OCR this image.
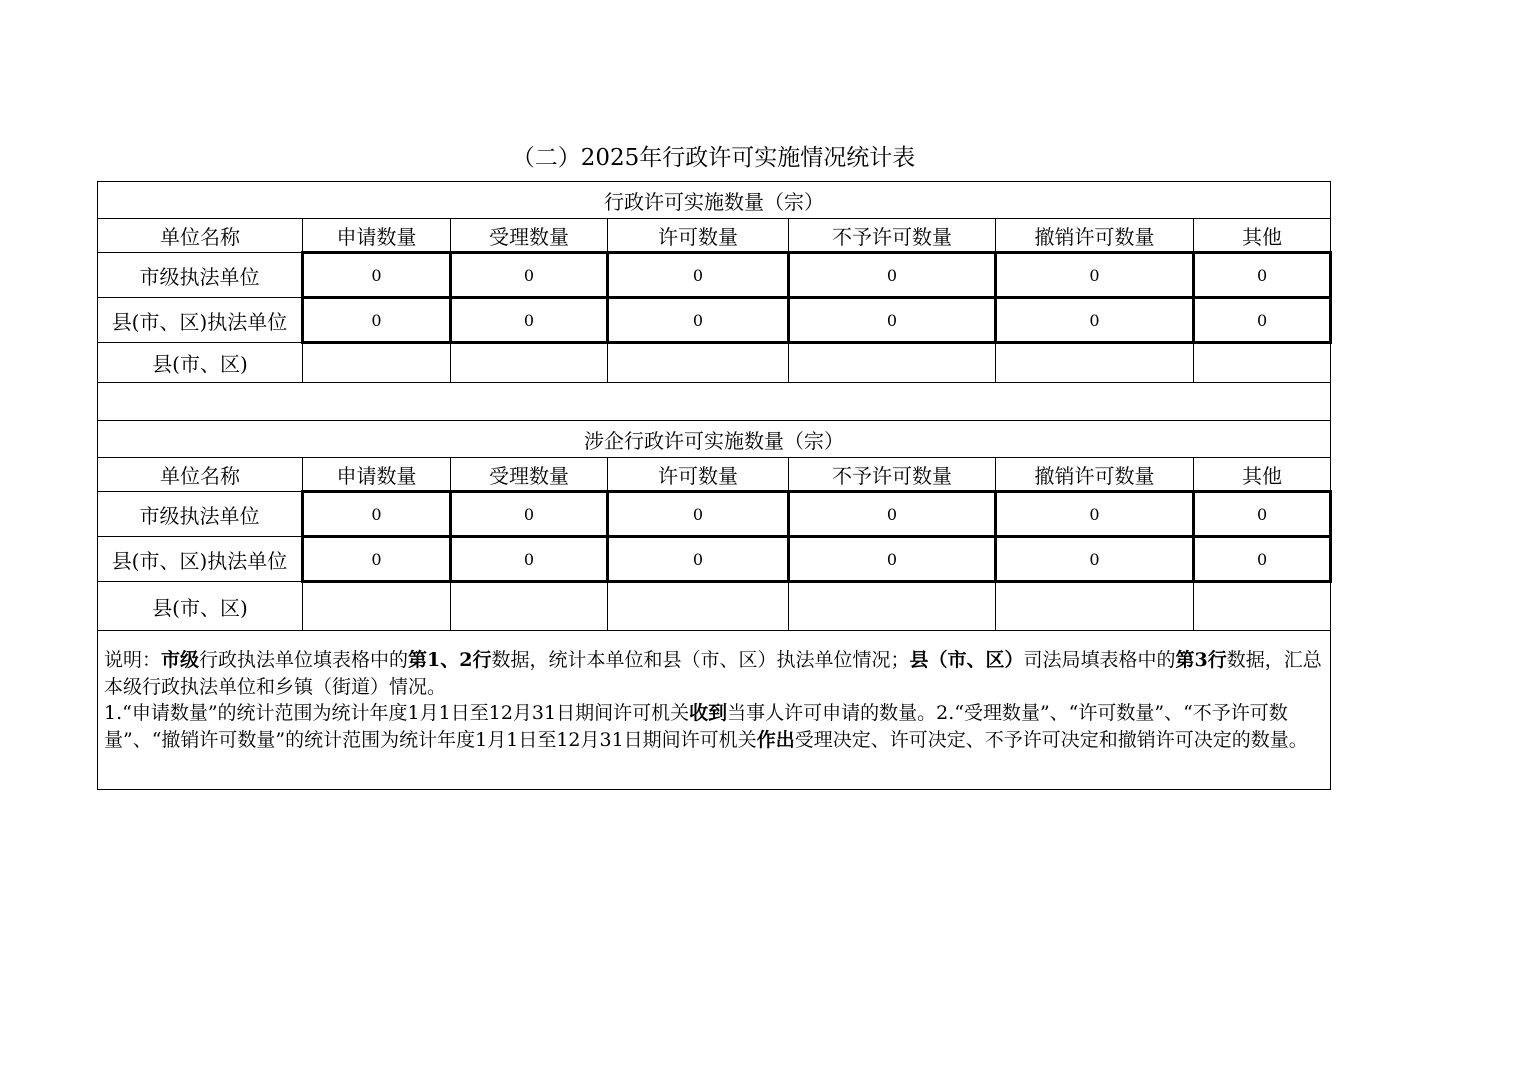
（二）2025年行政许可实施情况统计表
行政许可实施数量（宗）						
单位名称	申请数量	受理数量	许可数量	不予许可数量	撤销许可数量	其他
市级执法单位	0	0	0	0	0	0
县(市、区)执法单位	0	0	0	0	0	0
县(市、区)						

涉企行政许可实施数量（宗）						
单位名称	申请数量	受理数量	许可数量	不予许可数量	撤销许可数量	其他
市级执法单位	0	0	0	0	0	0
县(市、区)执法单位	0	0	0	0	0	0
县(市、区)						
说明：市级行政执法单位填表格中的第1、2行数据，统计本单位和县（市、区）执法单位情况；县（市、区）司法局填表格中的第3行数据，汇总本级行政执法单位和乡镇（街道）情况。
1.“申请数量”的统计范围为统计年度1月1日至12月31日期间许可机关收到当事人许可申请的数量。2.“受理数量”、“许可数量”、“不予许可数量”、“撤销许可数量”的统计范围为统计年度1月1日至12月31日期间许可机关作出受理决定、许可决定、不予许可决定和撤销许可决定的数量。						
